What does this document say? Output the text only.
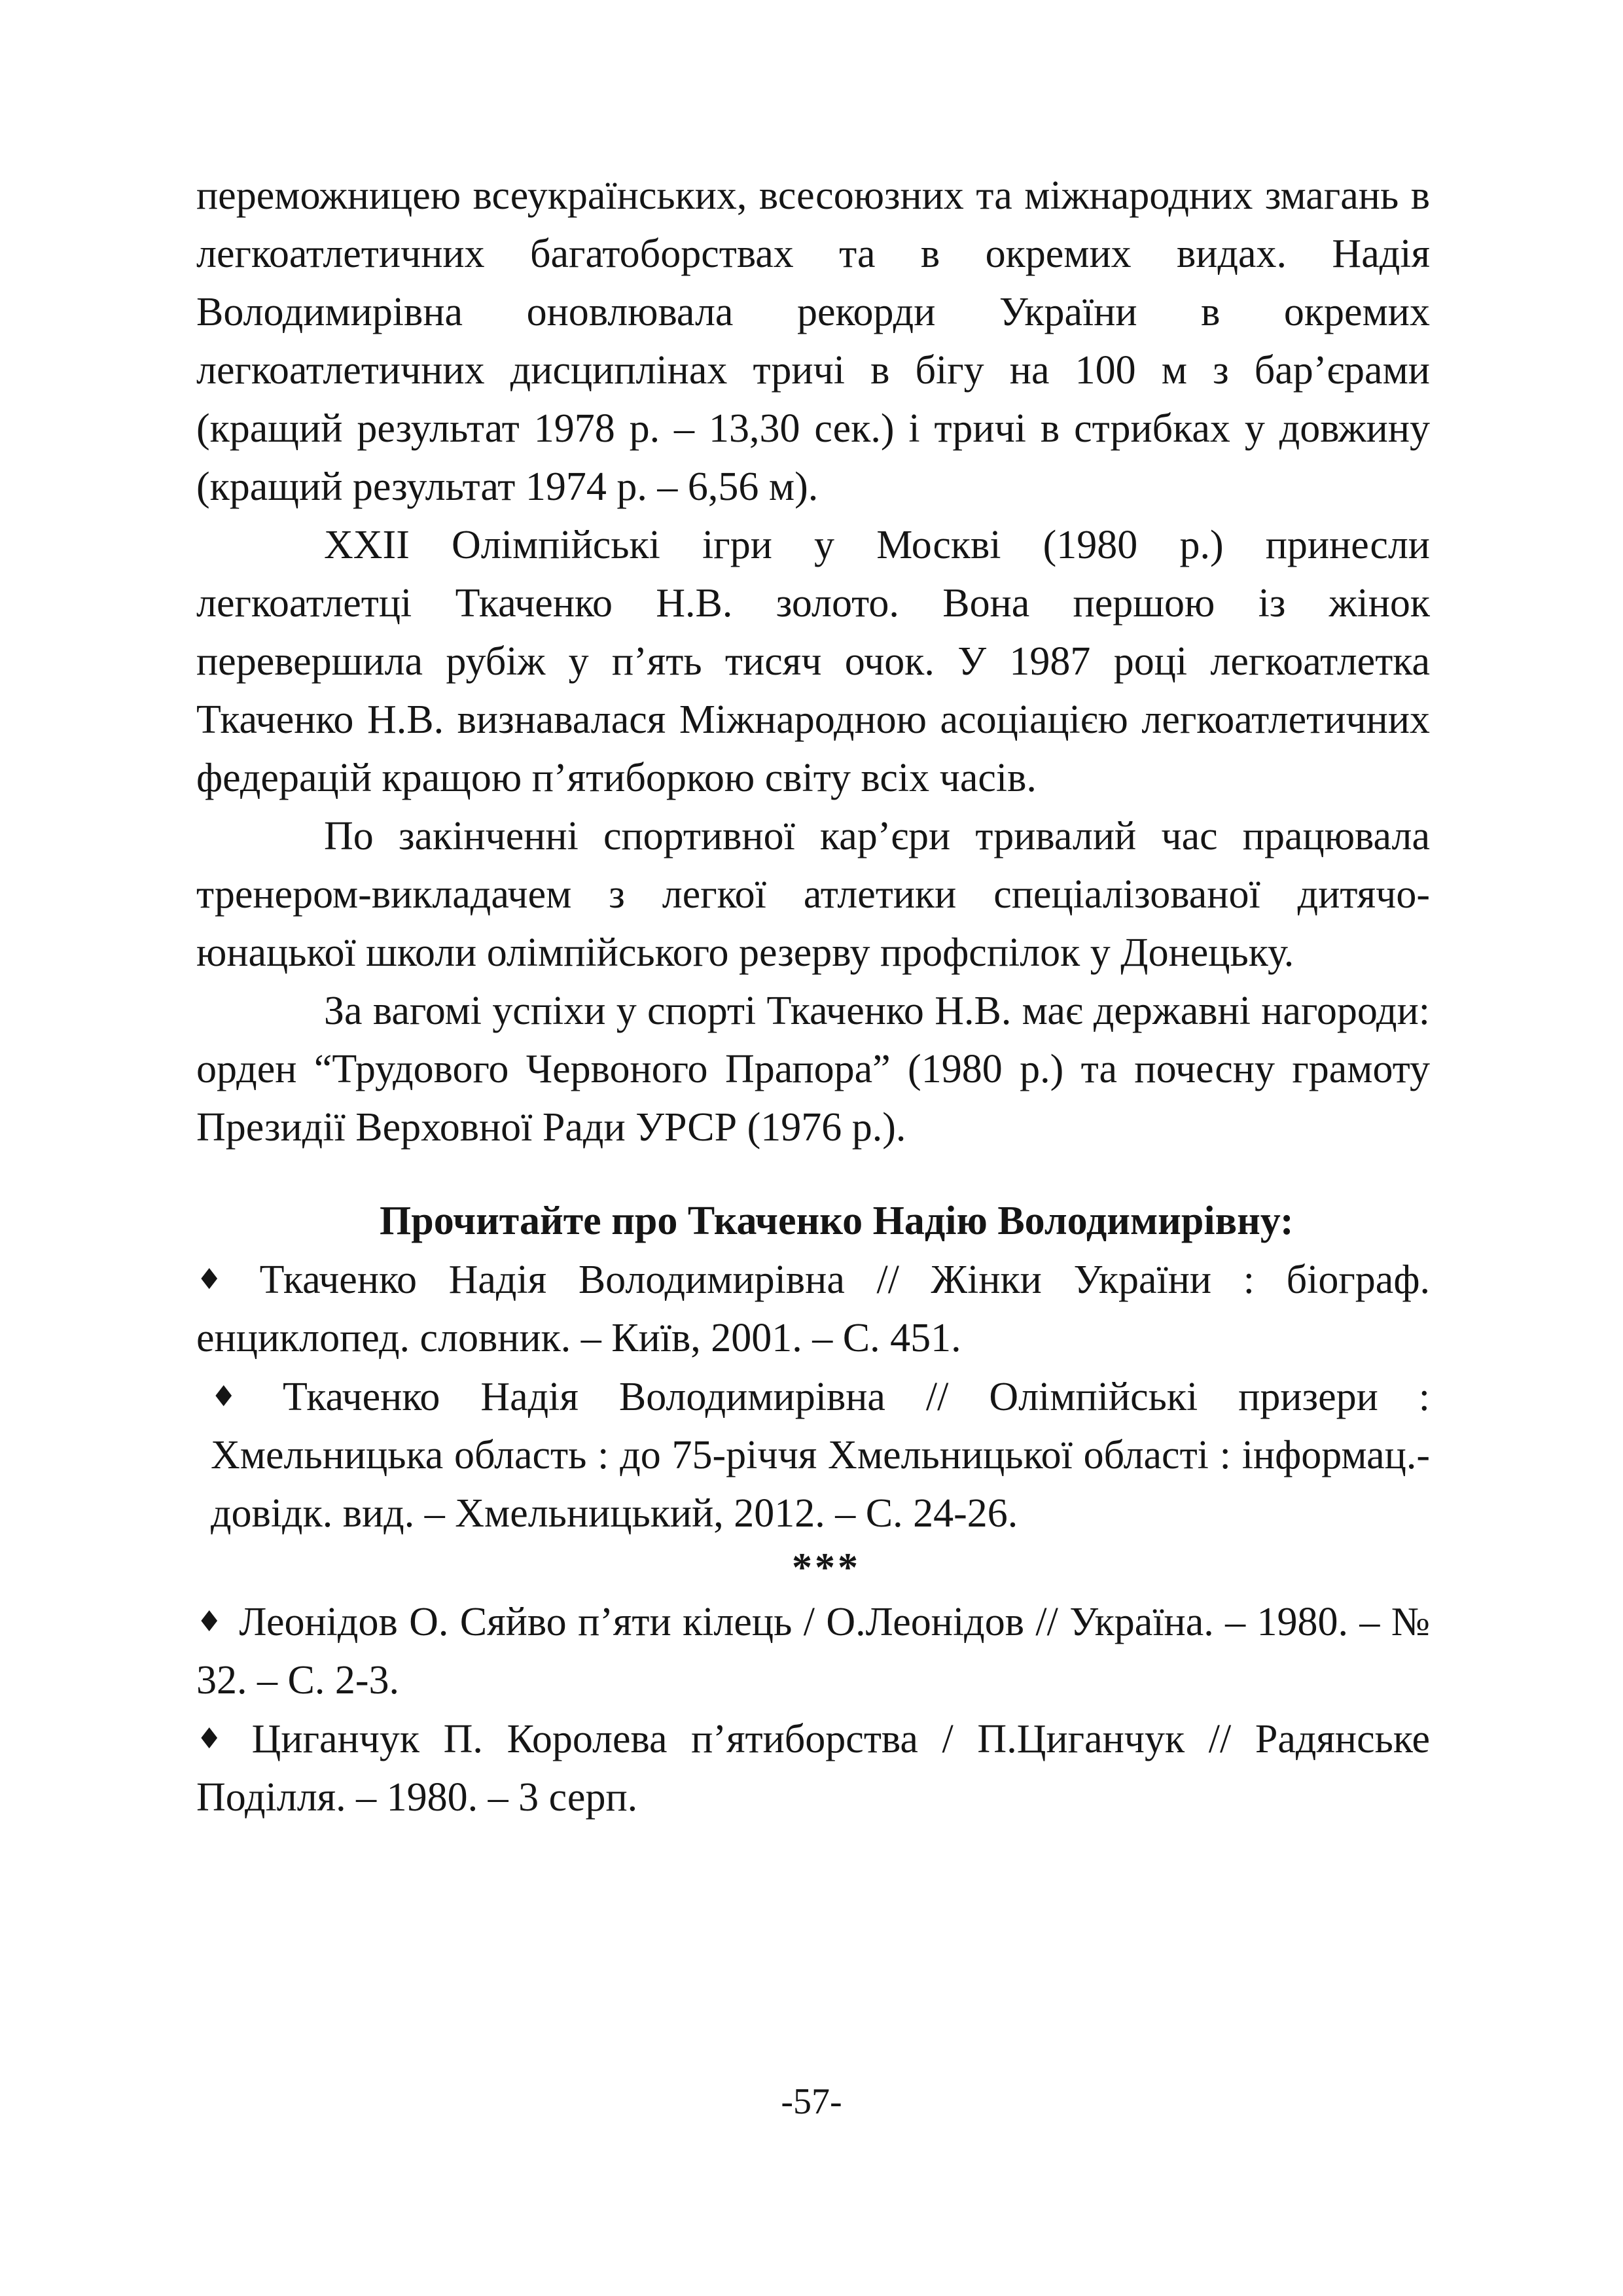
переможницею всеукраїнських, всесоюзних та міжнародних змагань в легкоатлетичних багатоборствах та в окремих видах. Надія Володимирівна оновлювала рекорди України в окремих легкоатлетичних дисциплінах тричі в бігу на 100 м з бар’єрами (кращий результат 1978 р. – 13,30 сек.) і тричі в стрибках у довжину (кращий результат 1974 р. – 6,56 м).

XXII Олімпійські ігри у Москві (1980 р.) принесли легкоатлетці Ткаченко Н.В. золото. Вона першою із жінок перевершила рубіж у п’ять тисяч очок. У 1987 році легкоатлетка Ткаченко Н.В. визнавалася Міжнародною асоціацією легкоатлетичних федерацій кращою п’ятиборкою світу всіх часів.

По закінченні спортивної кар’єри тривалий час працювала тренером-викладачем з легкої атлетики спеціалізованої дитячо-юнацької школи олімпійського резерву профспілок у Донецьку.

За вагомі успіхи у спорті Ткаченко Н.В. має державні нагороди: орден “Трудового Червоного Прапора” (1980 р.) та почесну грамоту Президії Верховної Ради УРСР (1976 р.).

Прочитайте про Ткаченко Надію Володимирівну:

♦ Ткаченко Надія Володимирівна // Жінки України : біограф. енциклопед. словник. – Київ, 2001. – С. 451.

♦ Ткаченко Надія Володимирівна // Олімпійські призери : Хмельницька область : до 75-річчя Хмельницької області : інформац.-довідк. вид. – Хмельницький, 2012. – С. 24-26.

***

♦ Леонідов О. Сяйво п’яти кілець / О.Леонідов // Україна. – 1980. – № 32. – С. 2-3.

♦ Циганчук П. Королева п’ятиборства / П.Циганчук // Радянське Поділля. – 1980. – 3 серп.

-57-
